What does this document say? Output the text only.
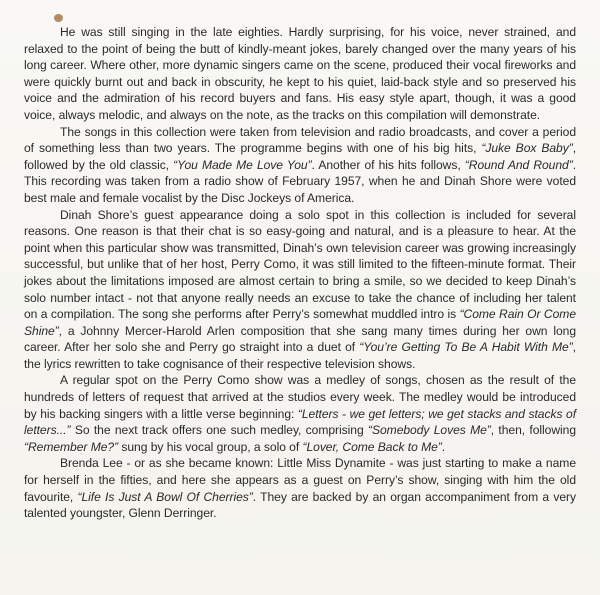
He was still singing in the late eighties. Hardly surprising, for his voice, never strained, and relaxed to the point of being the butt of kindly-meant jokes, barely changed over the many years of his long career. Where other, more dynamic singers came on the scene, produced their vocal fireworks and were quickly burnt out and back in obscurity, he kept to his quiet, laid-back style and so preserved his voice and the admiration of his record buyers and fans. His easy style apart, though, it was a good voice, always melodic, and always on the note, as the tracks on this compilation will demonstrate.

The songs in this collection were taken from television and radio broadcasts, and cover a period of something less than two years. The programme begins with one of his big hits, “Juke Box Baby”, followed by the old classic, “You Made Me Love You”. Another of his hits follows, “Round And Round”. This recording was taken from a radio show of February 1957, when he and Dinah Shore were voted best male and female vocalist by the Disc Jockeys of America.

Dinah Shore’s guest appearance doing a solo spot in this collection is included for several reasons. One reason is that their chat is so easy-going and natural, and is a pleasure to hear. At the point when this particular show was transmitted, Dinah’s own television career was growing increasingly successful, but unlike that of her host, Perry Como, it was still limited to the fifteen-minute format. Their jokes about the limitations imposed are almost certain to bring a smile, so we decided to keep Dinah’s solo number intact - not that anyone really needs an excuse to take the chance of including her talent on a compilation. The song she performs after Perry’s somewhat muddled intro is “Come Rain Or Come Shine”, a Johnny Mercer-Harold Arlen composition that she sang many times during her own long career. After her solo she and Perry go straight into a duet of “You’re Getting To Be A Habit With Me”, the lyrics rewritten to take cognisance of their respective television shows.

A regular spot on the Perry Como show was a medley of songs, chosen as the result of the hundreds of letters of request that arrived at the studios every week. The medley would be introduced by his backing singers with a little verse beginning: “Letters - we get letters; we get stacks and stacks of letters...” So the next track offers one such medley, comprising “Somebody Loves Me”, then, following “Remember Me?” sung by his vocal group, a solo of “Lover, Come Back to Me”.

Brenda Lee - or as she became known: Little Miss Dynamite - was just starting to make a name for herself in the fifties, and here she appears as a guest on Perry’s show, singing with him the old favourite, “Life Is Just A Bowl Of Cherries”. They are backed by an organ accompaniment from a very talented youngster, Glenn Derringer.
